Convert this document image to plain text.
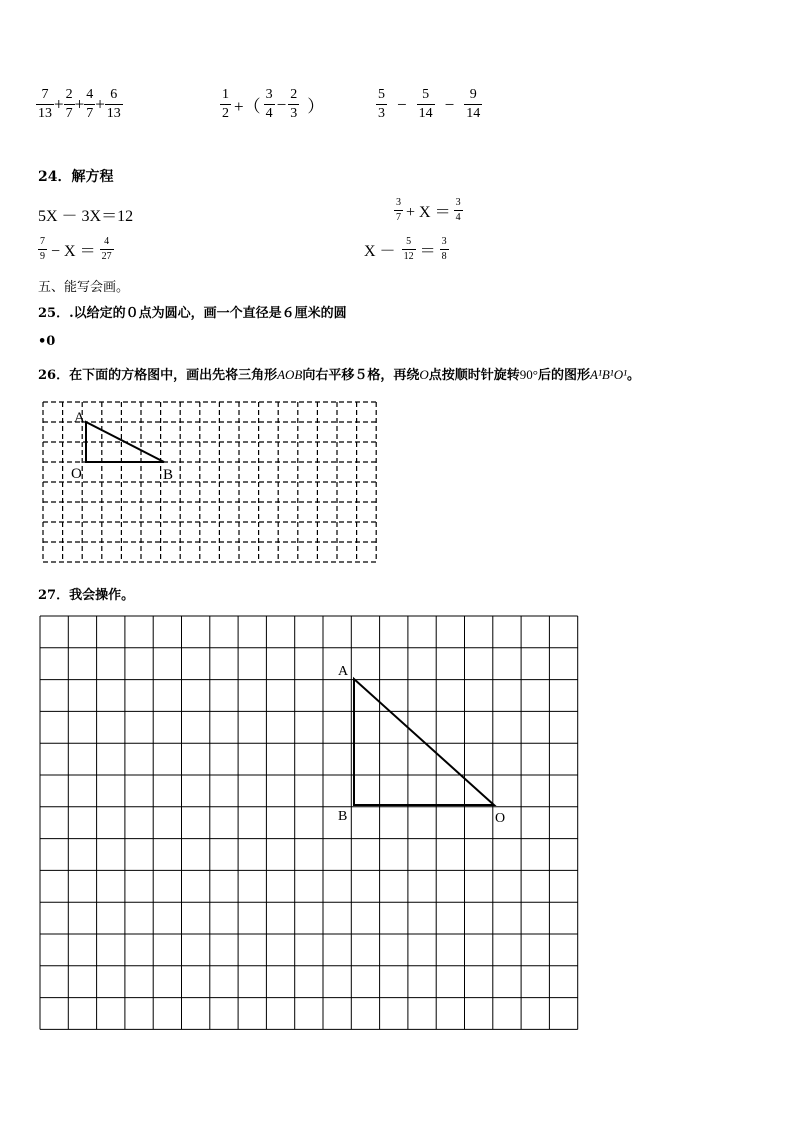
$\frac{7}{13} + \frac{2}{7} + \frac{4}{7} + \frac{6}{13}$	$\frac{1}{2}$ +（ $\frac{3}{4} - \frac{2}{3}$ ）	$\frac{5}{3} - \frac{5}{14} - \frac{9}{14}$
24．解方程
5X － 3X＝12	$\frac{3}{7} + X = \frac{3}{4}$
$\frac{7}{9} - X = \frac{4}{27}$	$X - \frac{5}{12} = \frac{3}{8}$
五、能写会画。
25．.以给定的０点为圆心，画一个直径是６厘米的圆
•0
26．在下面的方格图中，画出先将三角形AOB向右平移５格，再绕O点按顺时针旋转90°后的图形A¹B¹O¹。
A
O	B
27．我会操作。
A
B	O
